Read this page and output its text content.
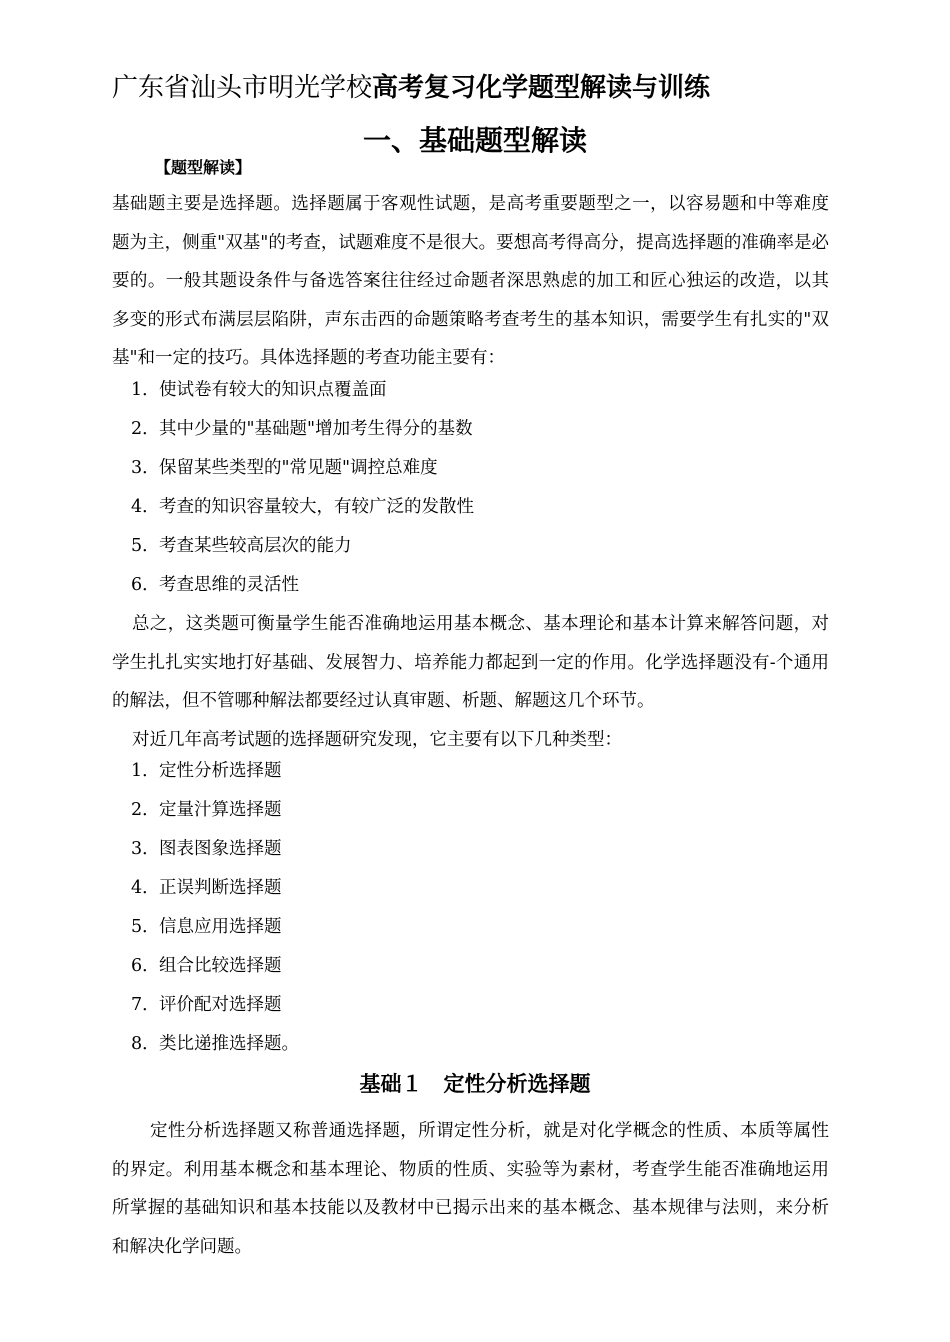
广东省汕头市明光学校高考复习化学题型解读与训练
一、基础题型解读
【题型解读】
基础题主要是选择题。选择题属于客观性试题，是高考重要题型之一，以容易题和中等难度题为主，侧重"双基"的考查，试题难度不是很大。要想高考得高分，提高选择题的准确率是必要的。一般其题设条件与备选答案往往经过命题者深思熟虑的加工和匠心独运的改造，以其多变的形式布满层层陷阱，声东击西的命题策略考查考生的基本知识，需要学生有扎实的"双基"和一定的技巧。具体选择题的考查功能主要有：
1．使试卷有较大的知识点覆盖面
2．其中少量的"基础题"增加考生得分的基数
3．保留某些类型的"常见题"调控总难度
4．考查的知识容量较大，有较广泛的发散性
5．考查某些较高层次的能力
6．考查思维的灵活性
总之，这类题可衡量学生能否准确地运用基本概念、基本理论和基本计算来解答问题，对学生扎扎实实地打好基础、发展智力、培养能力都起到一定的作用。化学选择题没有-个通用的解法，但不管哪种解法都要经过认真审题、析题、解题这几个环节。
对近几年高考试题的选择题研究发现，它主要有以下几种类型：
1．定性分析选择题
2．定量汁算选择题
3．图表图象选择题
4．正误判断选择题
5．信息应用选择题
6．组合比较选择题
7．评价配对选择题
8．类比递推选择题。
基础１　定性分析选择题
定性分析选择题又称普通选择题，所谓定性分析，就是对化学概念的性质、本质等属性的界定。利用基本概念和基本理论、物质的性质、实验等为素材，考查学生能否准确地运用所掌握的基础知识和基本技能以及教材中已揭示出来的基本概念、基本规律与法则，来分析和解决化学问题。
